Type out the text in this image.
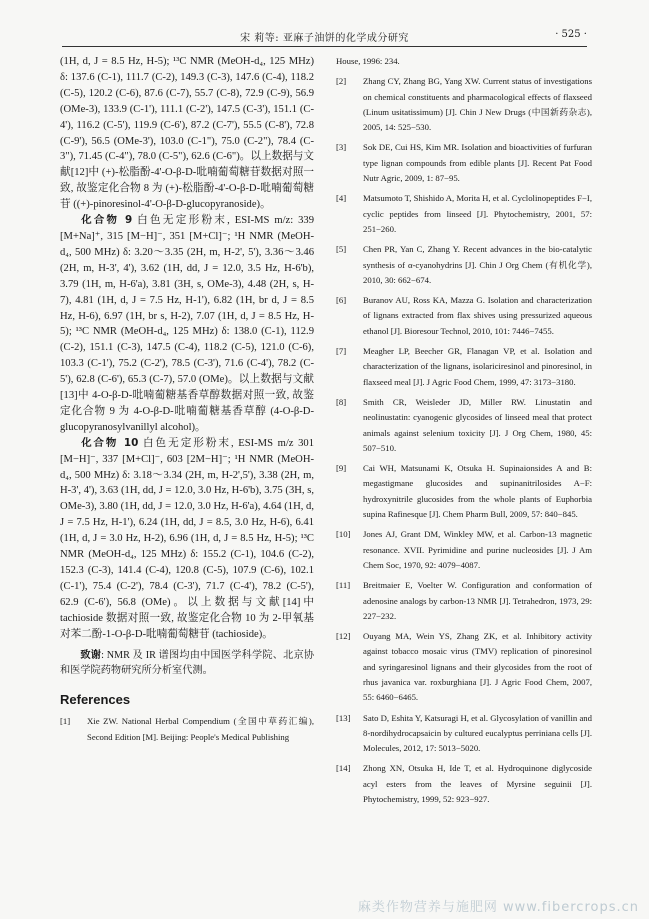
宋 莉等: 亚麻子油饼的化学成分研究	· 525 ·

(1H, d, J = 8.5 Hz, H-5); ¹³C NMR (MeOH-d₄, 125 MHz) δ: 137.6 (C-1), 111.7 (C-2), 149.3 (C-3), 147.6 (C-4), 118.2 (C-5), 120.2 (C-6), 87.6 (C-7), 55.7 (C-8), 72.9 (C-9), 56.9 (OMe-3), 133.9 (C-1'), 111.1 (C-2'), 147.5 (C-3'), 151.1 (C-4'), 116.2 (C-5'), 119.9 (C-6'), 87.2 (C-7'), 55.5 (C-8'), 72.8 (C-9'), 56.5 (OMe-3'), 103.0 (C-1"), 75.0 (C-2"), 78.4 (C-3"), 71.45 (C-4"), 78.0 (C-5"), 62.6 (C-6")。以上数据与文献[12]中 (+)-松脂酚-4'-O-β-D-吡喃葡萄糖苷数据对照一致, 故鉴定化合物 8 为 (+)-松脂酚-4'-O-β-D-吡喃葡萄糖苷 ((+)-pinoresinol-4'-O-β-D-glucopyranoside)。

化合物 9 白色无定形粉末, ESI-MS m/z: 339 [M+Na]⁺, 315 [M−H]⁻, 351 [M+Cl]⁻; ¹H NMR (MeOH-d₄, 500 MHz) δ: 3.20～3.35 (2H, m, H-2', 5'), 3.36～3.46 (2H, m, H-3', 4'), 3.62 (1H, dd, J = 12.0, 3.5 Hz, H-6'b), 3.79 (1H, m, H-6'a), 3.81 (3H, s, OMe-3), 4.48 (2H, s, H-7), 4.81 (1H, d, J = 7.5 Hz, H-1'), 6.82 (1H, br d, J = 8.5 Hz, H-6), 6.97 (1H, br s, H-2), 7.07 (1H, d, J = 8.5 Hz, H-5); ¹³C NMR (MeOH-d₄, 125 MHz) δ: 138.0 (C-1), 112.9 (C-2), 151.1 (C-3), 147.5 (C-4), 118.2 (C-5), 121.0 (C-6), 103.3 (C-1'), 75.2 (C-2'), 78.5 (C-3'), 71.6 (C-4'), 78.2 (C-5'), 62.8 (C-6'), 65.3 (C-7), 57.0 (OMe)。以上数据与文献[13]中 4-O-β-D-吡喃葡糖基香草醇数据对照一致, 故鉴定化合物 9 为 4-O-β-D-吡喃葡糖基香草醇 (4-O-β-D-glucopyranosylvanillyl alcohol)。

化合物 10 白色无定形粉末, ESI-MS m/z 301 [M−H]⁻, 337 [M+Cl]⁻, 603 [2M−H]⁻; ¹H NMR (MeOH-d₄, 500 MHz) δ: 3.18～3.34 (2H, m, H-2',5'), 3.38 (2H, m, H-3', 4'), 3.63 (1H, dd, J = 12.0, 3.0 Hz, H-6'b), 3.75 (3H, s, OMe-3), 3.80 (1H, dd, J = 12.0, 3.0 Hz, H-6'a), 4.64 (1H, d, J = 7.5 Hz, H-1'), 6.24 (1H, dd, J = 8.5, 3.0 Hz, H-6), 6.41 (1H, d, J = 3.0 Hz, H-2), 6.96 (1H, d, J = 8.5 Hz, H-5); ¹³C NMR (MeOH-d₄, 125 MHz) δ: 155.2 (C-1), 104.6 (C-2), 152.3 (C-3), 141.4 (C-4), 120.8 (C-5), 107.9 (C-6), 102.1 (C-1'), 75.4 (C-2'), 78.4 (C-3'), 71.7 (C-4'), 78.2 (C-5'), 62.9 (C-6'), 56.8 (OMe)。以上数据与文献[14]中 tachioside 数据对照一致, 故鉴定化合物 10 为 2-甲氧基对苯二酚-1-O-β-D-吡喃葡萄糖苷 (tachioside)。

致谢: NMR 及 IR 谱图均由中国医学科学院、北京协和医学院药物研究所分析室代测。

References
[1]	Xie ZW. National Herbal Compendium (全国中草药汇编), Second Edition [M]. Beijing: People's Medical Publishing
House, 1996: 234.
[2]	Zhang CY, Zhang BG, Yang XW. Current status of investigations on chemical constituents and pharmacological effects of flaxseed (Linum usitatissimum) [J]. Chin J New Drugs (中国新药杂志), 2005, 14: 525−530.
[3]	Sok DE, Cui HS, Kim MR. Isolation and bioactivities of furfuran type lignan compounds from edible plants [J]. Recent Pat Food Nutr Agric, 2009, 1: 87−95.
[4]	Matsumoto T, Shishido A, Morita H, et al. Cyclolinopeptides F−I, cyclic peptides from linseed [J]. Phytochemistry, 2001, 57: 251−260.
[5]	Chen PR, Yan C, Zhang Y. Recent advances in the bio-catalytic synthesis of α-cyanohydrins [J]. Chin J Org Chem (有机化学), 2010, 30: 662−674.
[6]	Buranov AU, Ross KA, Mazza G. Isolation and characterization of lignans extracted from flax shives using pressurized aqueous ethanol [J]. Bioresour Technol, 2010, 101: 7446−7455.
[7]	Meagher LP, Beecher GR, Flanagan VP, et al. Isolation and characterization of the lignans, isolariciresinol and pinoresinol, in flaxseed meal [J]. J Agric Food Chem, 1999, 47: 3173−3180.
[8]	Smith CR, Weisleder JD, Miller RW. Linustatin and neolinustatin: cyanogenic glycosides of linseed meal that protect animals against selenium toxicity [J]. J Org Chem, 1980, 45: 507−510.
[9]	Cai WH, Matsunami K, Otsuka H. Supinaionsides A and B: megastigmane glucosides and supinanitrilosides A−F: hydroxynitrile glucosides from the whole plants of Euphorbia supina Rafinesque [J]. Chem Pharm Bull, 2009, 57: 840−845.
[10]	Jones AJ, Grant DM, Winkley MW, et al. Carbon-13 magnetic resonance. XVII. Pyrimidine and purine nucleosides [J]. J Am Chem Soc, 1970, 92: 4079−4087.
[11]	Breitmaier E, Voelter W. Configuration and conformation of adenosine analogs by carbon-13 NMR [J]. Tetrahedron, 1973, 29: 227−232.
[12]	Ouyang MA, Wein YS, Zhang ZK, et al. Inhibitory activity against tobacco mosaic virus (TMV) replication of pinoresinol and syringaresinol lignans and their glycosides from the root of rhus javanica var. roxburghiana [J]. J Agric Food Chem, 2007, 55: 6460−6465.
[13]	Sato D, Eshita Y, Katsuragi H, et al. Glycosylation of vanillin and 8-nordihydrocapsaicin by cultured eucalyptus perriniana cells [J]. Molecules, 2012, 17: 5013−5020.
[14]	Zhong XN, Otsuka H, Ide T, et al. Hydroquinone diglycoside acyl esters from the leaves of Myrsine seguinii [J]. Phytochemistry, 1999, 52: 923−927.
麻类作物营养与施肥网 www.fibercrops.cn
